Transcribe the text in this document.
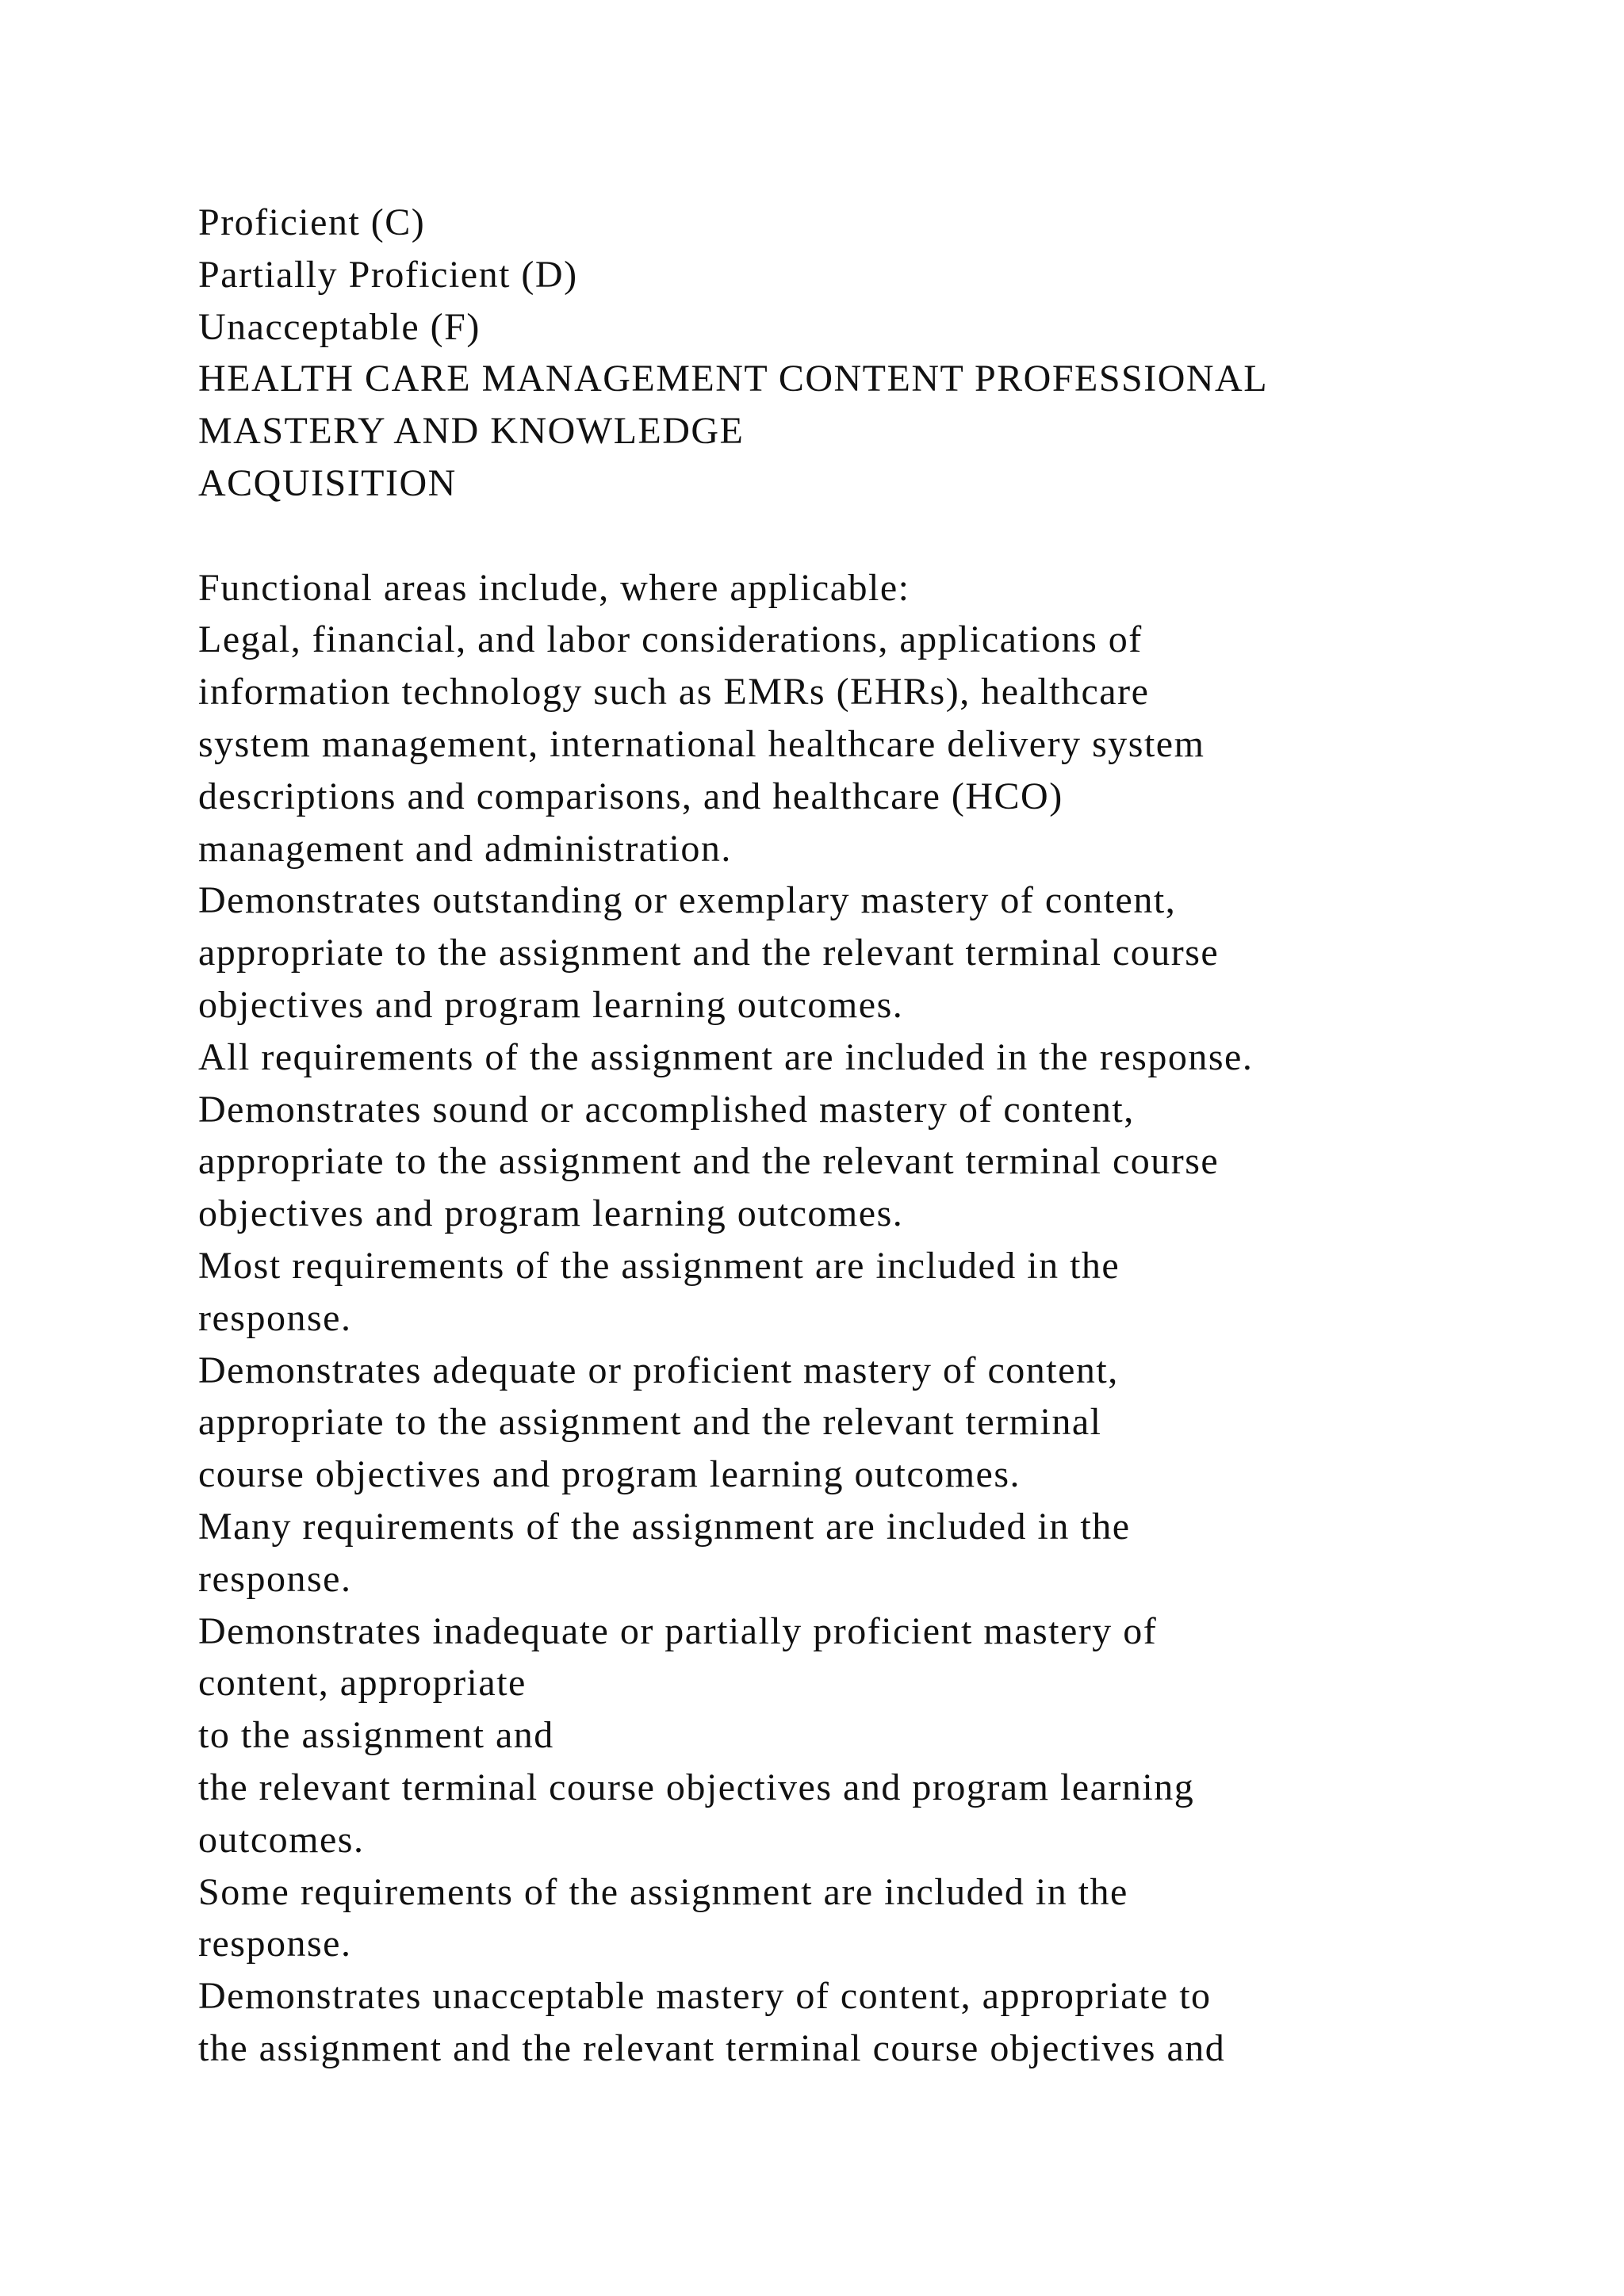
Proficient (C)
Partially Proficient (D)
Unacceptable (F)
HEALTH CARE MANAGEMENT CONTENT PROFESSIONAL
MASTERY AND KNOWLEDGE
ACQUISITION
Functional areas include, where applicable:
Legal, financial, and labor considerations, applications of
information technology such as EMRs (EHRs), healthcare
system management, international healthcare delivery system
descriptions and comparisons, and healthcare (HCO)
management and administration.
Demonstrates outstanding or exemplary mastery of content,
appropriate to the assignment and the relevant terminal course
objectives and program learning outcomes.
All requirements of the assignment are included in the response.
Demonstrates sound or accomplished mastery of content,
appropriate to the assignment and the relevant terminal course
objectives and program learning outcomes.
Most requirements of the assignment are included in the
response.
Demonstrates adequate or proficient mastery of content,
appropriate to the assignment and the relevant terminal
course objectives and program learning outcomes.
Many requirements of the assignment are included in the
response.
Demonstrates inadequate or partially proficient mastery of
content, appropriate
to the assignment and
the relevant terminal course objectives and program learning
outcomes.
Some requirements of the assignment are included in the
response.
Demonstrates unacceptable mastery of content, appropriate to
the assignment and the relevant terminal course objectives and
